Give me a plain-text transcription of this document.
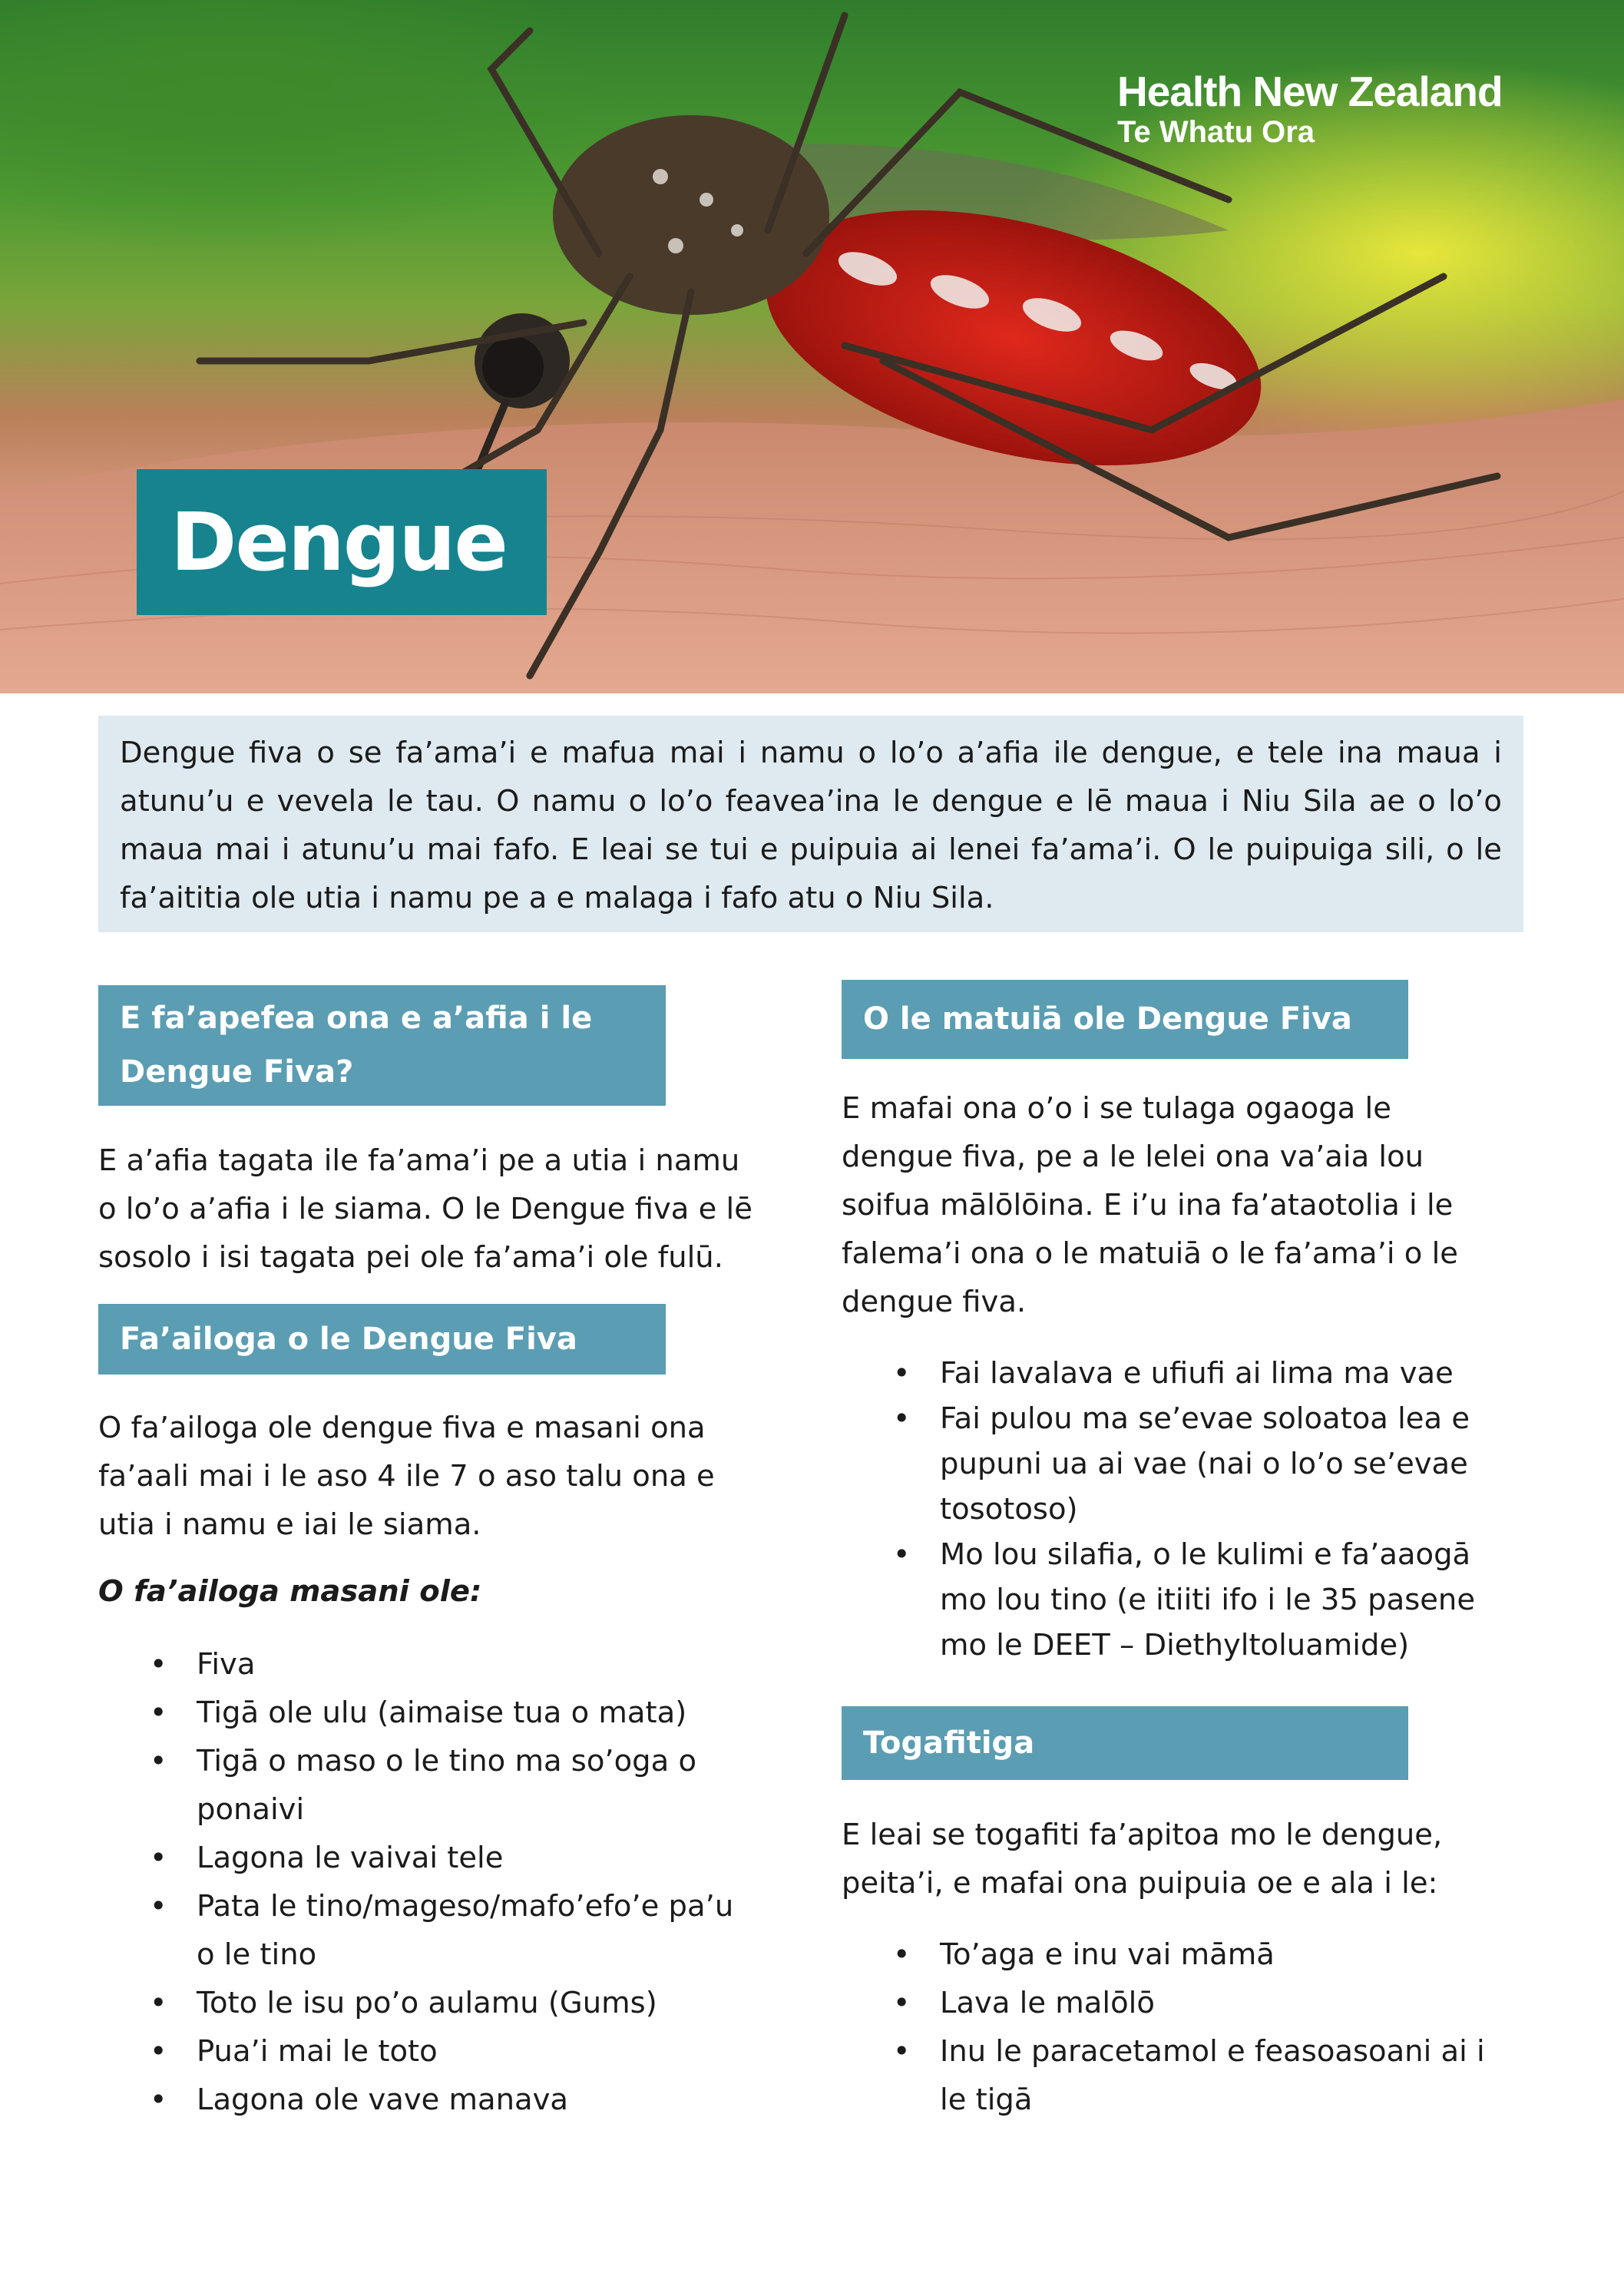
Health New Zealand
Te Whatu Ora
Dengue

Dengue fiva o se fa’ama’i e mafua mai i namu o lo’o a’afia ile dengue, e tele ina maua i atunu’u e vevela le tau. O namu o lo’o feavea’ina le dengue e lē maua i Niu Sila ae o lo’o maua mai i atunu’u mai fafo. E leai se tui e puipuia ai lenei fa’ama’i. O le puipuiga sili, o le fa’aititia ole utia i namu pe a e malaga i fafo atu o Niu Sila.

E fa’apefea ona e a’afia i le Dengue Fiva?

E a’afia tagata ile fa’ama’i pe a utia i namu o lo’o a’afia i le siama. O le Dengue fiva e lē sosolo i isi tagata pei ole fa’ama’i ole fulū.

Fa’ailoga o le Dengue Fiva

O fa’ailoga ole dengue fiva e masani ona fa’aali mai i le aso 4 ile 7 o aso talu ona e utia i namu e iai le siama.

O fa’ailoga masani ole:

• Fiva
• Tigā ole ulu (aimaise tua o mata)
• Tigā o maso o le tino ma so’oga o ponaivi
• Lagona le vaivai tele
• Pata le tino/mageso/mafo’efo’e pa’u o le tino
• Toto le isu po’o aulamu (Gums)
• Pua’i mai le toto
• Lagona ole vave manava
O le matuiā ole Dengue Fiva

E mafai ona o’o i se tulaga ogaoga le dengue fiva, pe a le lelei ona va’aia lou soifua mālōlōina. E i’u ina fa’ataotolia i le falema’i ona o le matuiā o le fa’ama’i o le dengue fiva.

• Fai lavalava e ufiufi ai lima ma vae
• Fai pulou ma se’evae soloatoa lea e pupuni ua ai vae (nai o lo’o se’evae tosotoso)
• Mo lou silafia, o le kulimi e fa’aaogā mo lou tino (e itiiti ifo i le 35 pasene mo le DEET – Diethyltoluamide)
Togafitiga

E leai se togafiti fa’apitoa mo le dengue, peita’i, e mafai ona puipuia oe e ala i le:

• To’aga e inu vai māmā
• Lava le malōlō
• Inu le paracetamol e feasoasoani ai i le tigā
